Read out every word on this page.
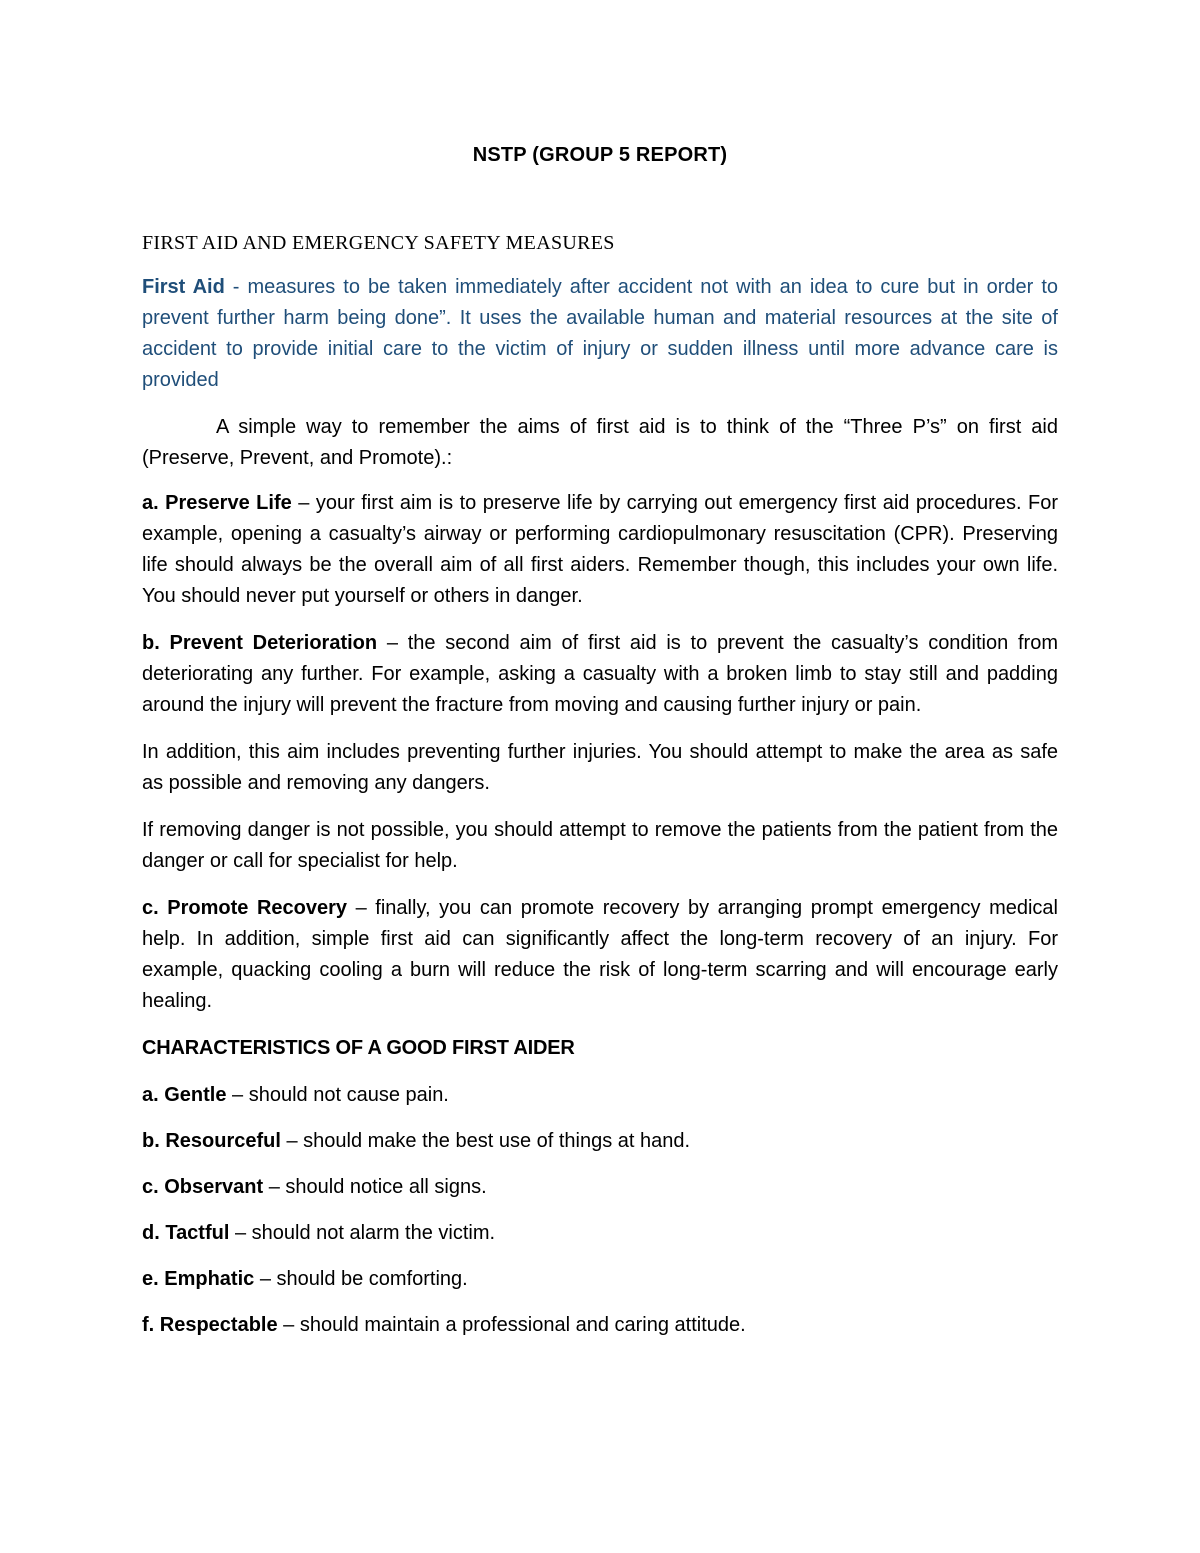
NSTP (GROUP 5 REPORT)
FIRST AID AND EMERGENCY SAFETY MEASURES

First Aid - measures to be taken immediately after accident not with an idea to cure but in order to prevent further harm being done”. It uses the available human and material resources at the site of accident to provide initial care to the victim of injury or sudden illness until more advance care is provided

A simple way to remember the aims of first aid is to think of the “Three P’s” on first aid (Preserve, Prevent, and Promote).:

a. Preserve Life – your first aim is to preserve life by carrying out emergency first aid procedures. For example, opening a casualty’s airway or performing cardiopulmonary resuscitation (CPR). Preserving life should always be the overall aim of all first aiders. Remember though, this includes your own life. You should never put yourself or others in danger.

b. Prevent Deterioration – the second aim of first aid is to prevent the casualty’s condition from deteriorating any further. For example, asking a casualty with a broken limb to stay still and padding around the injury will prevent the fracture from moving and causing further injury or pain.

In addition, this aim includes preventing further injuries. You should attempt to make the area as safe as possible and removing any dangers.

If removing danger is not possible, you should attempt to remove the patients from the patient from the danger or call for specialist for help.

c. Promote Recovery – finally, you can promote recovery by arranging prompt emergency medical help. In addition, simple first aid can significantly affect the long-term recovery of an injury. For example, quacking cooling a burn will reduce the risk of long-term scarring and will encourage early healing.

CHARACTERISTICS OF A GOOD FIRST AIDER
a. Gentle – should not cause pain.
b. Resourceful – should make the best use of things at hand.
c. Observant – should notice all signs.
d. Tactful – should not alarm the victim.
e. Emphatic – should be comforting.
f. Respectable – should maintain a professional and caring attitude.
